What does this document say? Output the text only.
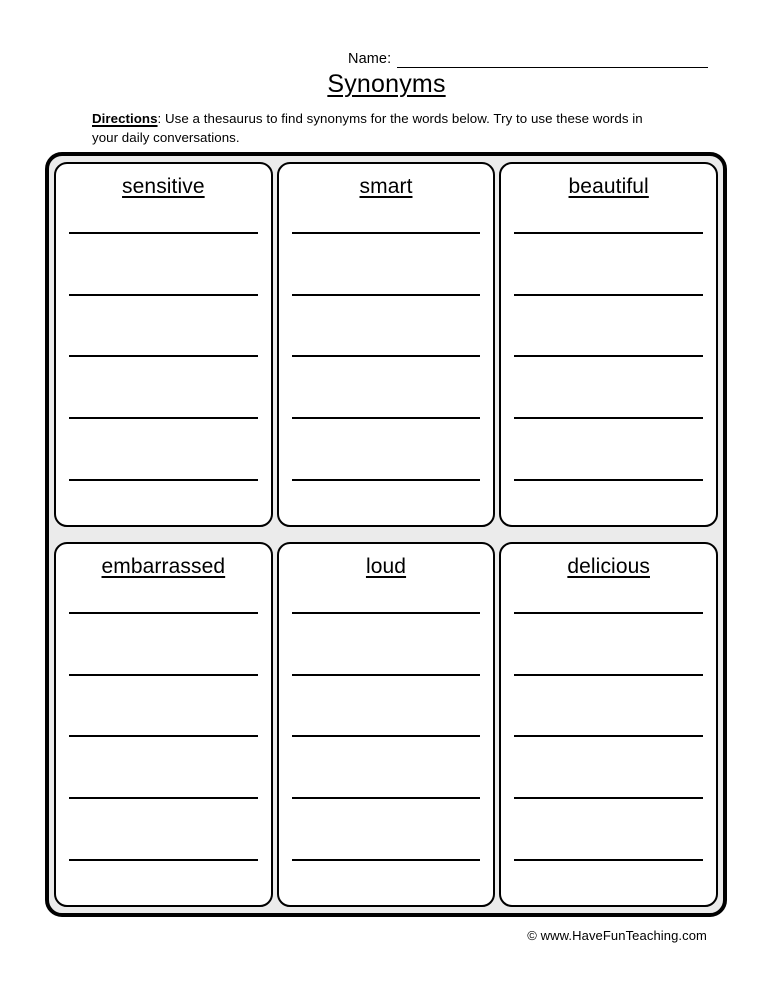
Name:
Synonyms
Directions: Use a thesaurus to find synonyms for the words below. Try to use these words in your daily conversations.
sensitive	smart	beautiful
embarrassed	loud	delicious
© www.HaveFunTeaching.com
